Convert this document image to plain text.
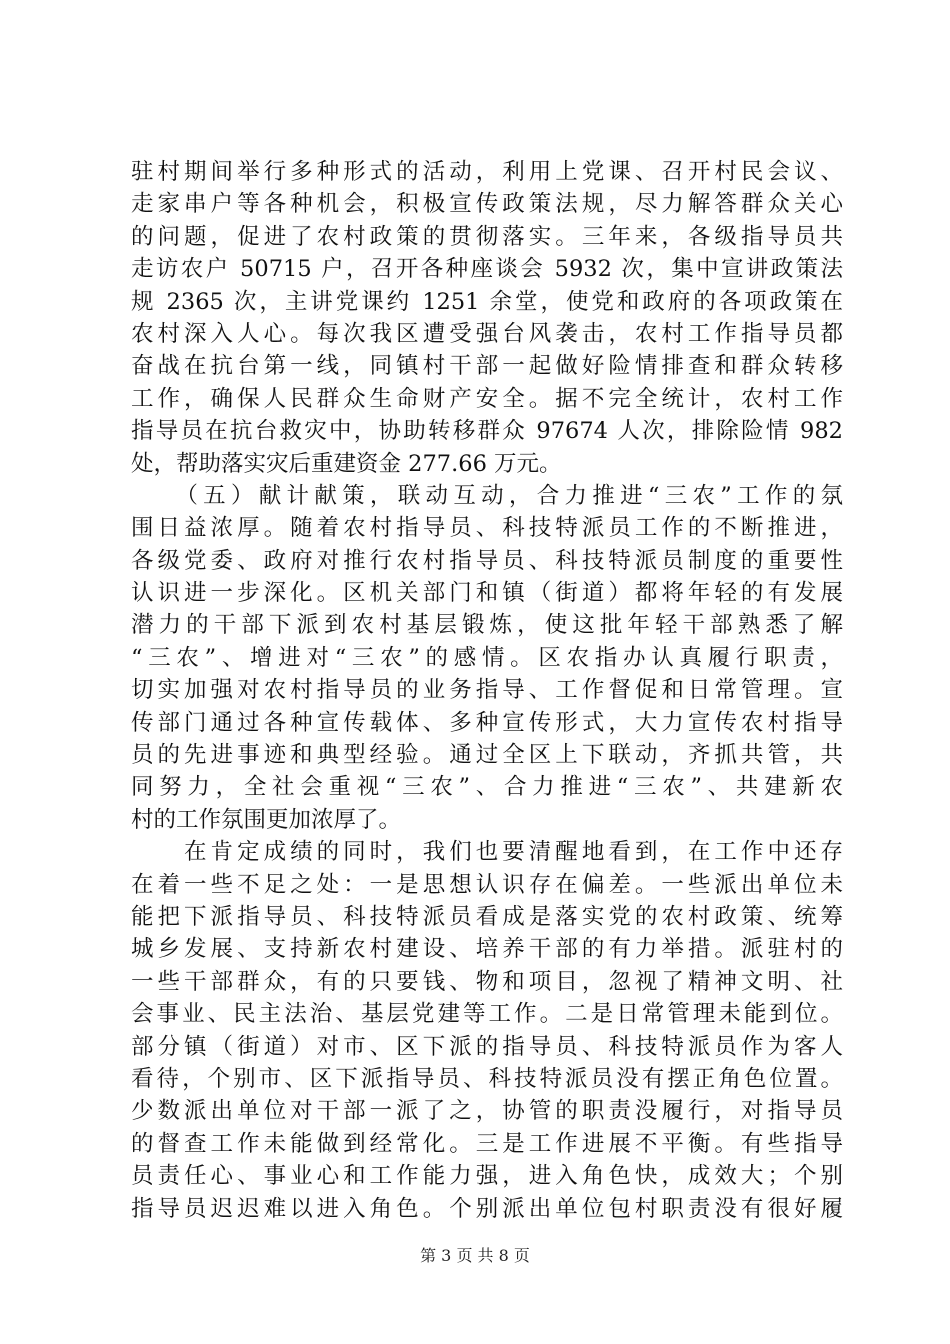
驻村期间举行多种形式的活动，利用上党课、召开村民会议、
走家串户等各种机会，积极宣传政策法规，尽力解答群众关心
的问题，促进了农村政策的贯彻落实。三年来，各级指导员共
走访农户 50715 户，召开各种座谈会 5932 次，集中宣讲政策法
规 2365 次，主讲党课约 1251 余堂，使党和政府的各项政策在
农村深入人心。每次我区遭受强台风袭击，农村工作指导员都
奋战在抗台第一线，同镇村干部一起做好险情排查和群众转移
工作，确保人民群众生命财产安全。据不完全统计，农村工作
指导员在抗台救灾中，协助转移群众 97674 人次，排除险情 982
处，帮助落实灾后重建资金 277.66 万元。
　　（五）献计献策，联动互动，合力推进“三农”工作的氛
围日益浓厚。随着农村指导员、科技特派员工作的不断推进，
各级党委、政府对推行农村指导员、科技特派员制度的重要性
认识进一步深化。区机关部门和镇（街道）都将年轻的有发展
潜力的干部下派到农村基层锻炼，使这批年轻干部熟悉了解
“三农”、增进对“三农”的感情。区农指办认真履行职责，
切实加强对农村指导员的业务指导、工作督促和日常管理。宣
传部门通过各种宣传载体、多种宣传形式，大力宣传农村指导
员的先进事迹和典型经验。通过全区上下联动，齐抓共管，共
同努力，全社会重视“三农”、合力推进“三农”、共建新农
村的工作氛围更加浓厚了。
　　在肯定成绩的同时，我们也要清醒地看到，在工作中还存
在着一些不足之处：一是思想认识存在偏差。一些派出单位未
能把下派指导员、科技特派员看成是落实党的农村政策、统筹
城乡发展、支持新农村建设、培养干部的有力举措。派驻村的
一些干部群众，有的只要钱、物和项目，忽视了精神文明、社
会事业、民主法治、基层党建等工作。二是日常管理未能到位。
部分镇（街道）对市、区下派的指导员、科技特派员作为客人
看待，个别市、区下派指导员、科技特派员没有摆正角色位置。
少数派出单位对干部一派了之，协管的职责没履行，对指导员
的督查工作未能做到经常化。三是工作进展不平衡。有些指导
员责任心、事业心和工作能力强，进入角色快，成效大；个别
指导员迟迟难以进入角色。个别派出单位包村职责没有很好履
第 3 页 共 8 页
